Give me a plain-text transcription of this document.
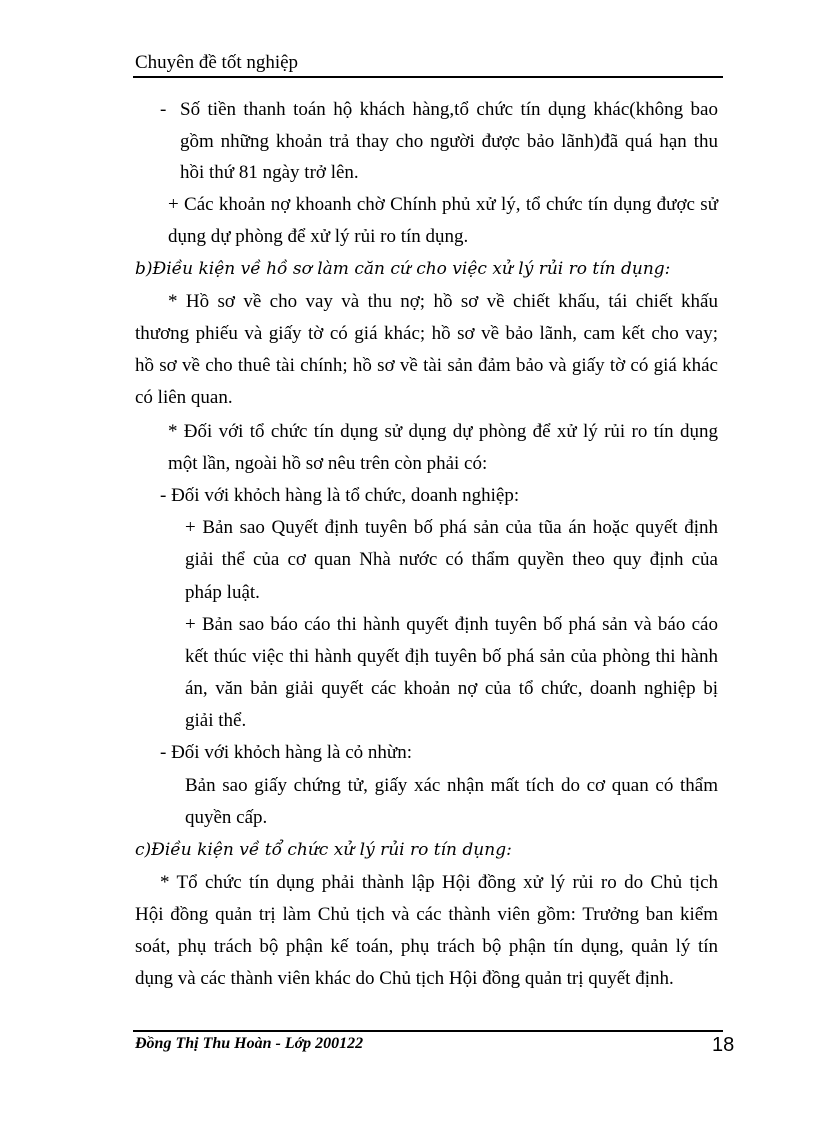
Chuyên đề tốt nghiệp
- Số tiền thanh toán hộ khách hàng,tổ chức tín dụng khác(không bao
gồm những khoản trả thay cho người được bảo lãnh)đã quá hạn thu
hồi thứ 81 ngày trở lên.
+ Các khoản nợ khoanh chờ Chính phủ xử lý, tổ chức tín dụng được sử
dụng dự phòng để xử lý rủi ro tín dụng.
b)Điều kiện về hồ sơ làm căn cứ cho việc xử lý rủi ro tín dụng:
* Hồ sơ về cho vay và thu nợ; hồ sơ về chiết khấu, tái chiết khấu
thương phiếu và giấy tờ có giá khác; hồ sơ về bảo lãnh, cam kết cho vay;
hồ sơ về cho thuê tài chính; hồ sơ về tài sản đảm bảo và giấy tờ có giá khác
có liên quan.
* Đối với tổ chức tín dụng sử dụng dự phòng để xử lý rủi ro tín dụng
một lần, ngoài hồ sơ nêu trên còn phải có:
- Đối với khỏch hàng là tổ chức, doanh nghiệp:
+ Bản sao Quyết định tuyên bố phá sản của tũa án hoặc quyết định
giải thể của cơ quan Nhà nước có thẩm quyền theo quy định của
pháp luật.
+ Bản sao báo cáo thi hành quyết định tuyên bố phá sản và báo cáo
kết thúc việc thi hành quyết địh tuyên bố phá sản của phòng thi hành
án, văn bản giải quyết các khoản nợ của tổ chức, doanh nghiệp bị
giải thể.
- Đối với khỏch hàng là cỏ nhừn:
Bản sao giấy chứng tử, giấy xác nhận mất tích do cơ quan có thẩm
quyền cấp.
c)Điều kiện về tổ chức xử lý rủi ro tín dụng:
* Tổ chức tín dụng phải thành lập Hội đồng xử lý rủi ro do Chủ tịch
Hội đồng quản trị làm Chủ tịch và các thành viên gồm: Trưởng ban kiểm
soát, phụ trách bộ phận kế toán, phụ trách bộ phận tín dụng, quản lý tín
dụng và các thành viên khác do Chủ tịch Hội đồng quản trị quyết định.
Đồng Thị Thu Hoàn - Lớp 200122	18
